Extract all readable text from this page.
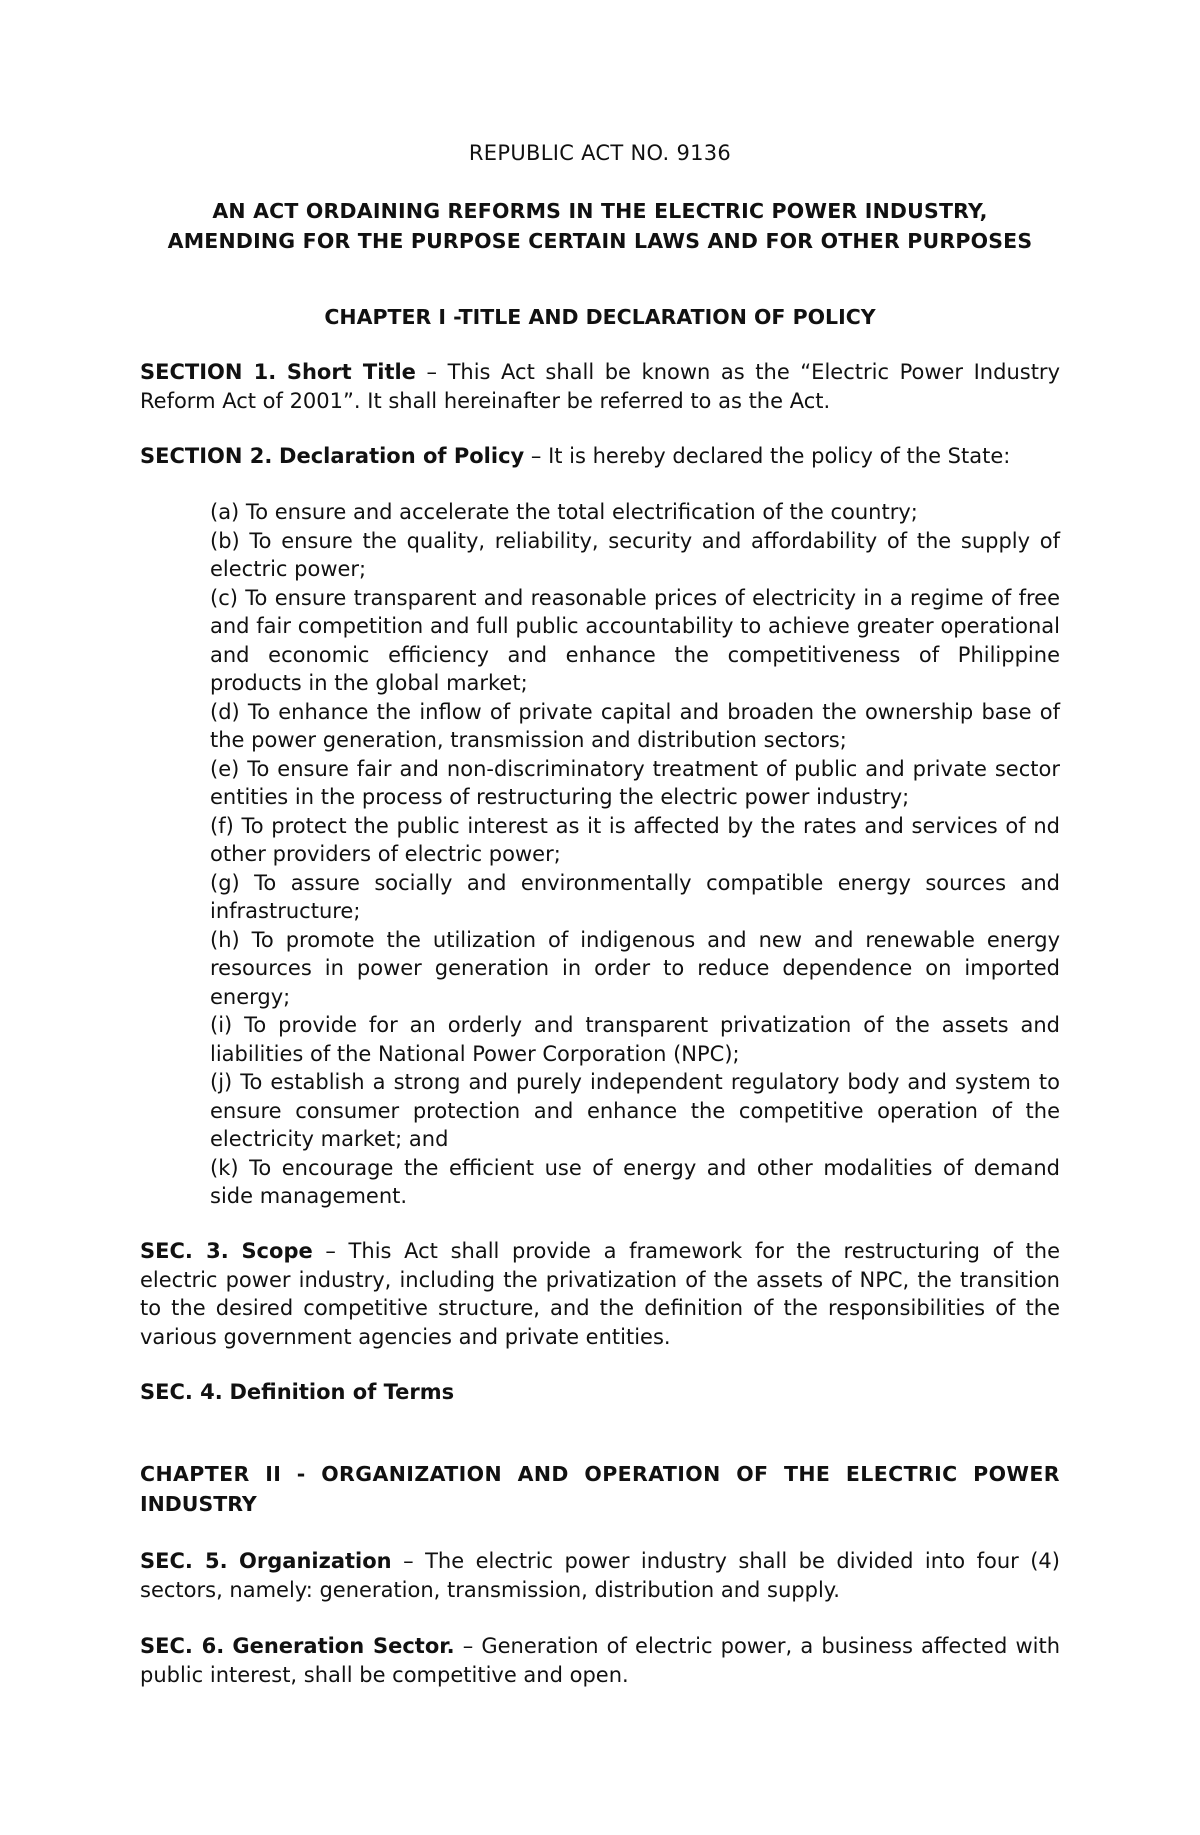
REPUBLIC ACT NO. 9136
AN ACT ORDAINING REFORMS IN THE ELECTRIC POWER INDUSTRY,
AMENDING FOR THE PURPOSE CERTAIN LAWS AND FOR OTHER PURPOSES
CHAPTER I -TITLE AND DECLARATION OF POLICY
SECTION 1. Short Title – This Act shall be known as the “Electric Power Industry Reform Act of 2001”. It shall hereinafter be referred to as the Act.
SECTION 2. Declaration of Policy – It is hereby declared the policy of the State:

(a) To ensure and accelerate the total electrification of the country;

(b) To ensure the quality, reliability, security and affordability of the supply of electric power;

(c) To ensure transparent and reasonable prices of electricity in a regime of free and fair competition and full public accountability to achieve greater operational and economic efficiency and enhance the competitiveness of Philippine products in the global market;

(d) To enhance the inflow of private capital and broaden the ownership base of the power generation, transmission and distribution sectors;

(e) To ensure fair and non-discriminatory treatment of public and private sector entities in the process of restructuring the electric power industry;

(f) To protect the public interest as it is affected by the rates and services of nd other providers of electric power;

(g) To assure socially and environmentally compatible energy sources and infrastructure;

(h) To promote the utilization of indigenous and new and renewable energy resources in power generation in order to reduce dependence on imported energy;

(i) To provide for an orderly and transparent privatization of the assets and liabilities of the National Power Corporation (NPC);

(j) To establish a strong and purely independent regulatory body and system to ensure consumer protection and enhance the competitive operation of the electricity market; and

(k) To encourage the efficient use of energy and other modalities of demand side management.

SEC. 3. Scope – This Act shall provide a framework for the restructuring of the electric power industry, including the privatization of the assets of NPC, the transition to the desired competitive structure, and the definition of the responsibilities of the various government agencies and private entities.
SEC. 4. Definition of Terms
CHAPTER II - ORGANIZATION AND OPERATION OF THE ELECTRIC POWER
INDUSTRY
SEC. 5. Organization – The electric power industry shall be divided into four (4) sectors, namely: generation, transmission, distribution and supply.
SEC. 6. Generation Sector. – Generation of electric power, a business affected with public interest, shall be competitive and open.
